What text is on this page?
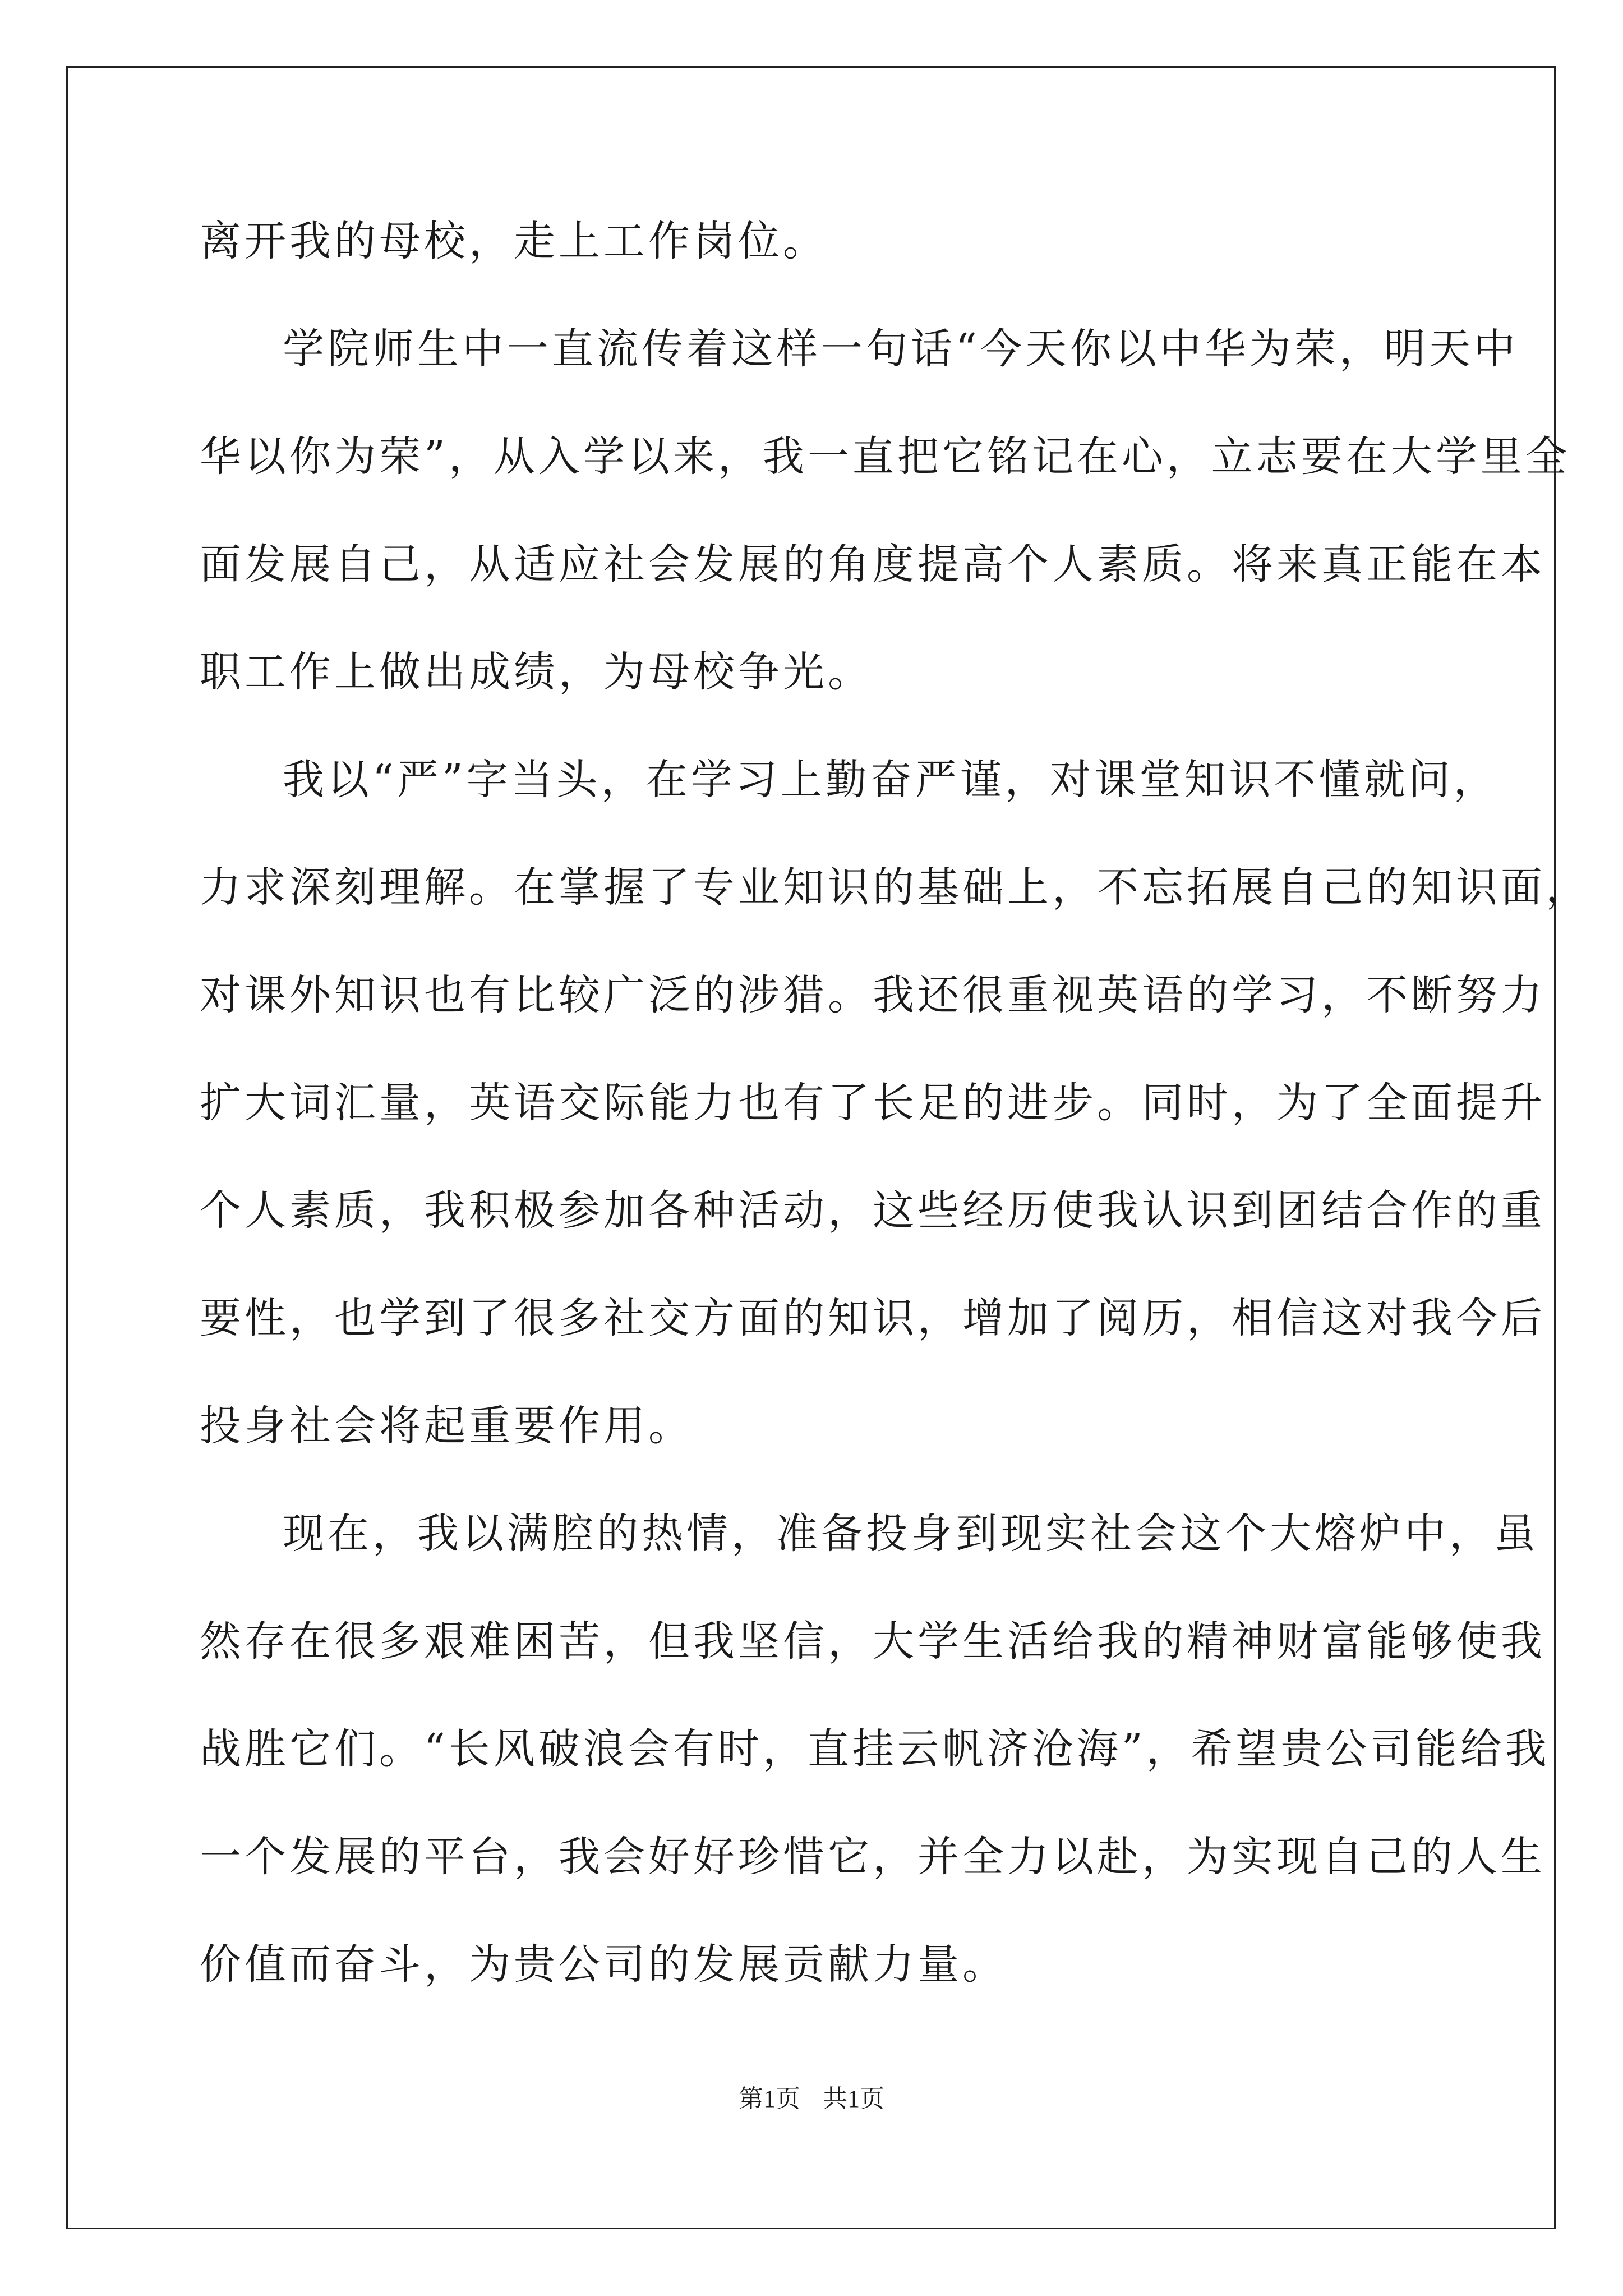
离开我的母校，走上工作岗位。
学院师生中一直流传着这样一句话“今天你以中华为荣，明天中
华以你为荣”，从入学以来，我一直把它铭记在心，立志要在大学里全
面发展自己，从适应社会发展的角度提高个人素质。将来真正能在本
职工作上做出成绩，为母校争光。
我以“严”字当头，在学习上勤奋严谨，对课堂知识不懂就问，
力求深刻理解。在掌握了专业知识的基础上，不忘拓展自己的知识面，
对课外知识也有比较广泛的涉猎。我还很重视英语的学习，不断努力
扩大词汇量，英语交际能力也有了长足的进步。同时，为了全面提升
个人素质，我积极参加各种活动，这些经历使我认识到团结合作的重
要性，也学到了很多社交方面的知识，增加了阅历，相信这对我今后
投身社会将起重要作用。
现在，我以满腔的热情，准备投身到现实社会这个大熔炉中，虽
然存在很多艰难困苦，但我坚信，大学生活给我的精神财富能够使我
战胜它们。“长风破浪会有时，直挂云帆济沧海”，希望贵公司能给我
一个发展的平台，我会好好珍惜它，并全力以赴，为实现自己的人生
价值而奋斗，为贵公司的发展贡献力量。
第1页 共1页
